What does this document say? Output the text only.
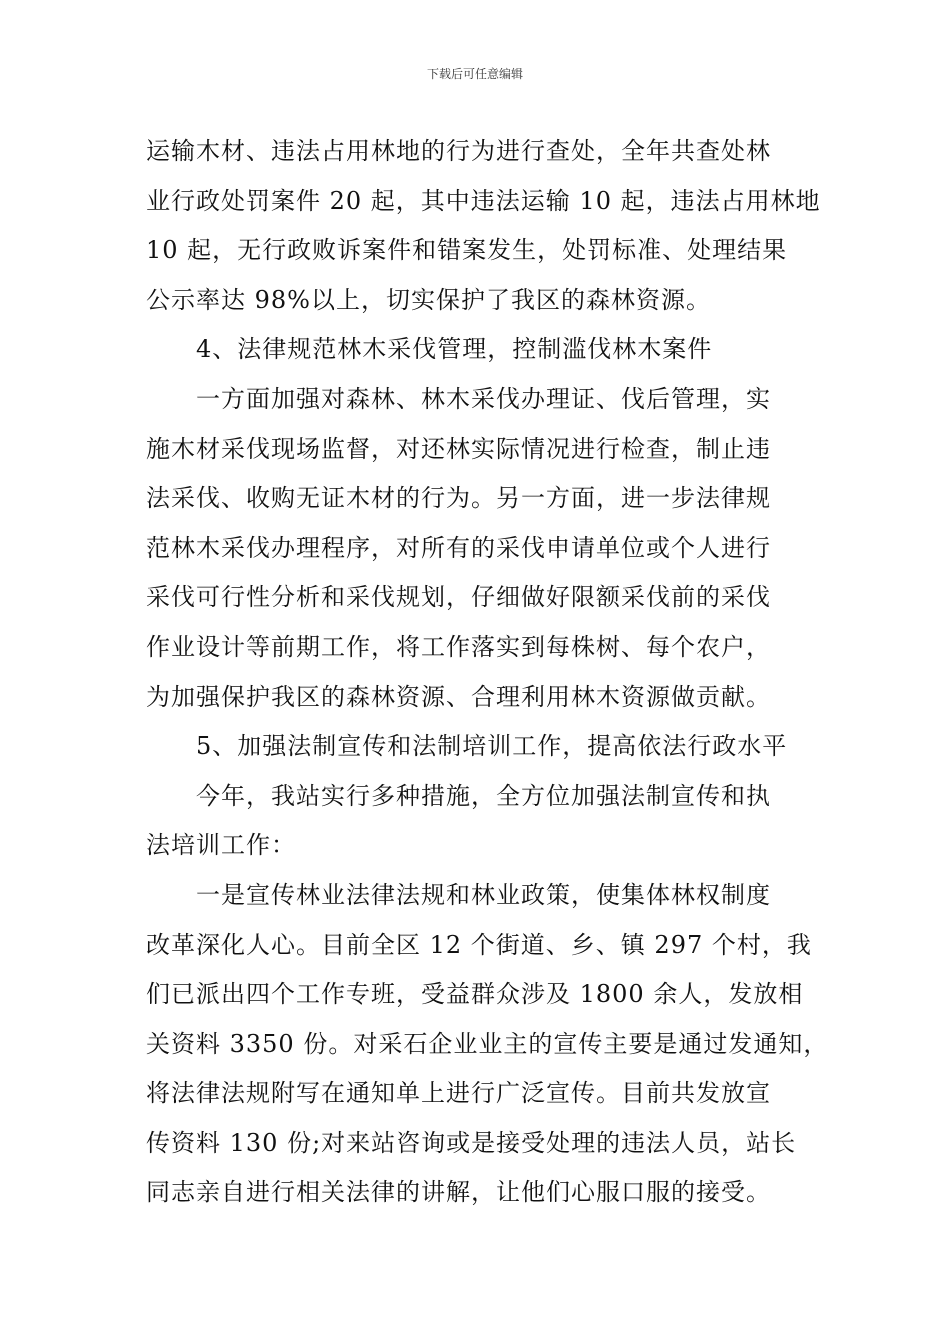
下载后可任意编辑
运输木材、违法占用林地的行为进行查处，全年共查处林
业行政处罚案件 20 起，其中违法运输 10 起，违法占用林地
10 起，无行政败诉案件和错案发生，处罚标准、处理结果
公示率达 98%以上，切实保护了我区的森林资源。
4、法律规范林木采伐管理，控制滥伐林木案件
一方面加强对森林、林木采伐办理证、伐后管理，实
施木材采伐现场监督，对还林实际情况进行检查，制止违
法采伐、收购无证木材的行为。另一方面，进一步法律规
范林木采伐办理程序，对所有的采伐申请单位或个人进行
采伐可行性分析和采伐规划，仔细做好限额采伐前的采伐
作业设计等前期工作，将工作落实到每株树、每个农户，
为加强保护我区的森林资源、合理利用林木资源做贡献。
5、加强法制宣传和法制培训工作，提高依法行政水平
今年，我站实行多种措施，全方位加强法制宣传和执
法培训工作：
一是宣传林业法律法规和林业政策，使集体林权制度
改革深化人心。目前全区 12 个街道、乡、镇 297 个村，我
们已派出四个工作专班，受益群众涉及 1800 余人，发放相
关资料 3350 份。对采石企业业主的宣传主要是通过发通知，
将法律法规附写在通知单上进行广泛宣传。目前共发放宣
传资料 130 份;对来站咨询或是接受处理的违法人员，站长
同志亲自进行相关法律的讲解，让他们心服口服的接受。
